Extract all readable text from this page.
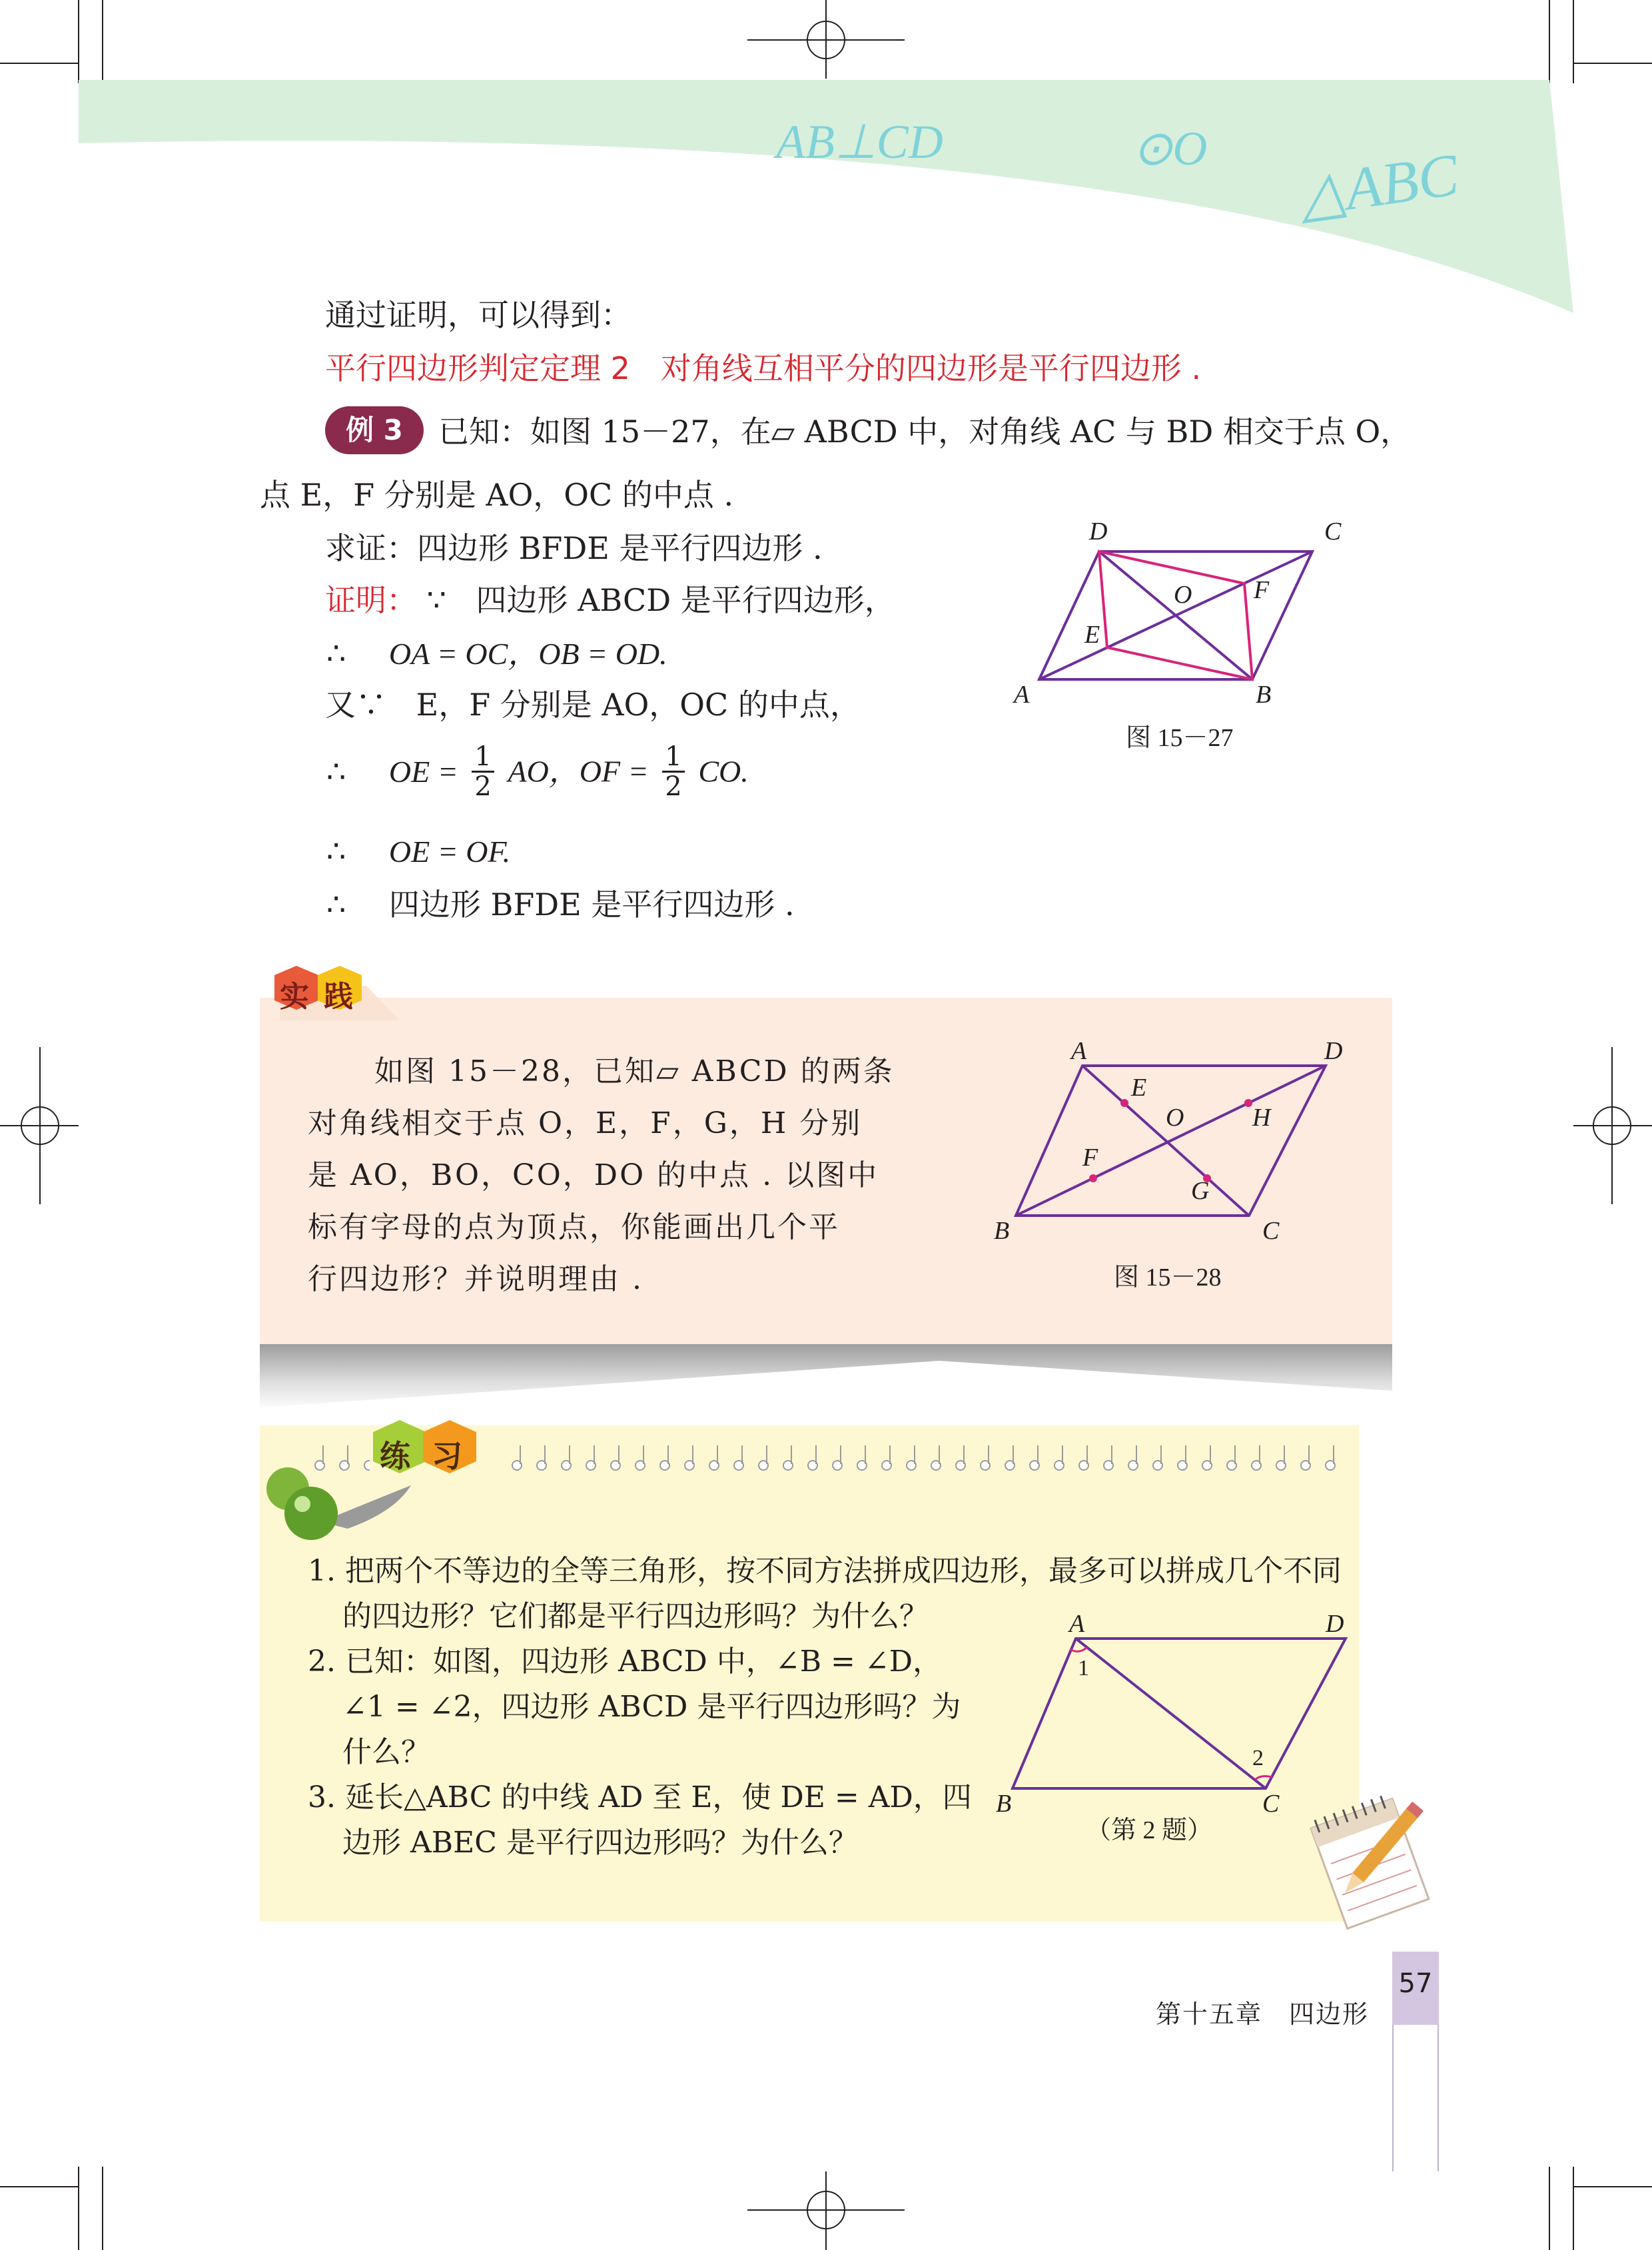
AB⊥CD	⊙O △ABC
通过证明，可以得到：
平行四边形判定定理 2　对角线互相平分的四边形是平行四边形 .
例 3	已知：如图 15－27，在▱ ABCD 中，对角线 AC 与 BD 相交于点 O，
点 E，F 分别是 AO，OC 的中点 .
求证：四边形 BFDE 是平行四边形 .
证明： ∵ 四边形 ABCD 是平行四边形，
∴ OA = OC，OB = OD.
又∵ E，F 分别是 AO，OC 的中点，
∴ OE = $\frac{1}{2}$ AO，OF = $\frac{1}{2}$ CO.
∴ OE = OF.
∴ 四边形 BFDE 是平行四边形 .
D	C
O F
E
A	B
图 15－27
实 践
如图 15－28，已知▱ ABCD 的两条
对角线相交于点 O，E，F，G，H 分别
是 AO，BO，CO，DO 的中点 . 以图中
标有字母的点为顶点，你能画出几个平
行四边形？并说明理由 .
A	D
E
O	H
F
G
B	C
图 15－28
练 习
1. 把两个不等边的全等三角形，按不同方法拼成四边形，最多可以拼成几个不同
的四边形？它们都是平行四边形吗？为什么？
2. 已知：如图，四边形 ABCD 中，∠B = ∠D，
∠1 = ∠2，四边形 ABCD 是平行四边形吗？为
什么？
3. 延长△ABC 的中线 AD 至 E，使 DE = AD，四
边形 ABEC 是平行四边形吗？为什么？
A	D
1
2
B	C
（第 2 题）
第十五章　四边形
57
